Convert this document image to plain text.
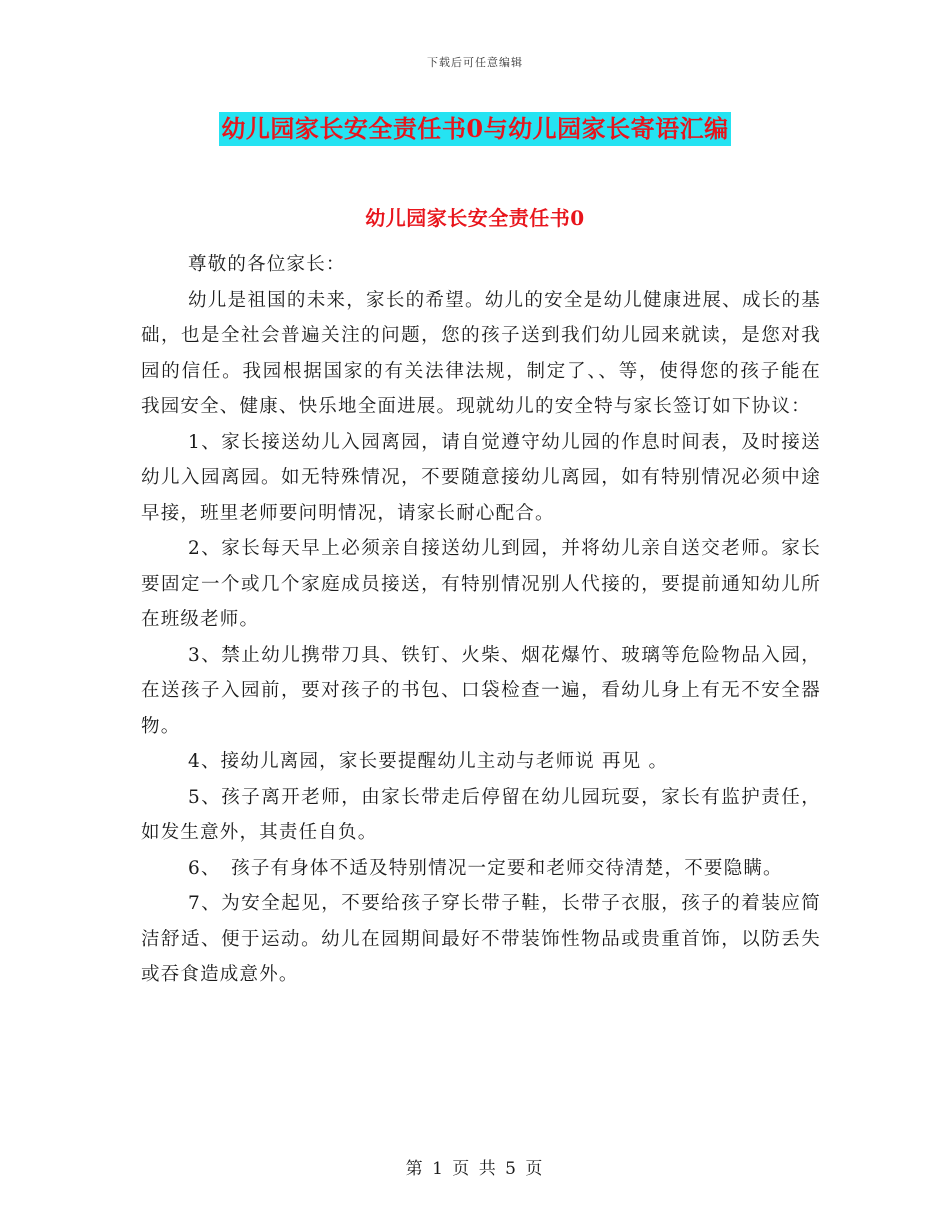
下载后可任意编辑
幼儿园家长安全责任书0与幼儿园家长寄语汇编
幼儿园家长安全责任书0

尊敬的各位家长：

幼儿是祖国的未来，家长的希望。幼儿的安全是幼儿健康进展、成长的基础，也是全社会普遍关注的问题，您的孩子送到我们幼儿园来就读，是您对我园的信任。我园根据国家的有关法律法规，制定了、、等，使得您的孩子能在我园安全、健康、快乐地全面进展。现就幼儿的安全特与家长签订如下协议：

1、家长接送幼儿入园离园，请自觉遵守幼儿园的作息时间表，及时接送幼儿入园离园。如无特殊情况，不要随意接幼儿离园，如有特别情况必须中途早接，班里老师要问明情况，请家长耐心配合。

2、家长每天早上必须亲自接送幼儿到园，并将幼儿亲自送交老师。家长要固定一个或几个家庭成员接送，有特别情况别人代接的，要提前通知幼儿所在班级老师。

3、禁止幼儿携带刀具、铁钉、火柴、烟花爆竹、玻璃等危险物品入园，在送孩子入园前，要对孩子的书包、口袋检查一遍，看幼儿身上有无不安全器物。

4、接幼儿离园，家长要提醒幼儿主动与老师说 再见 。

5、孩子离开老师，由家长带走后停留在幼儿园玩耍，家长有监护责任，如发生意外，其责任自负。

6、　孩子有身体不适及特别情况一定要和老师交待清楚，不要隐瞒。

7、为安全起见，不要给孩子穿长带子鞋，长带子衣服，孩子的着装应简洁舒适、便于运动。幼儿在园期间最好不带装饰性物品或贵重首饰，以防丢失或吞食造成意外。

第 1 页 共 5 页
